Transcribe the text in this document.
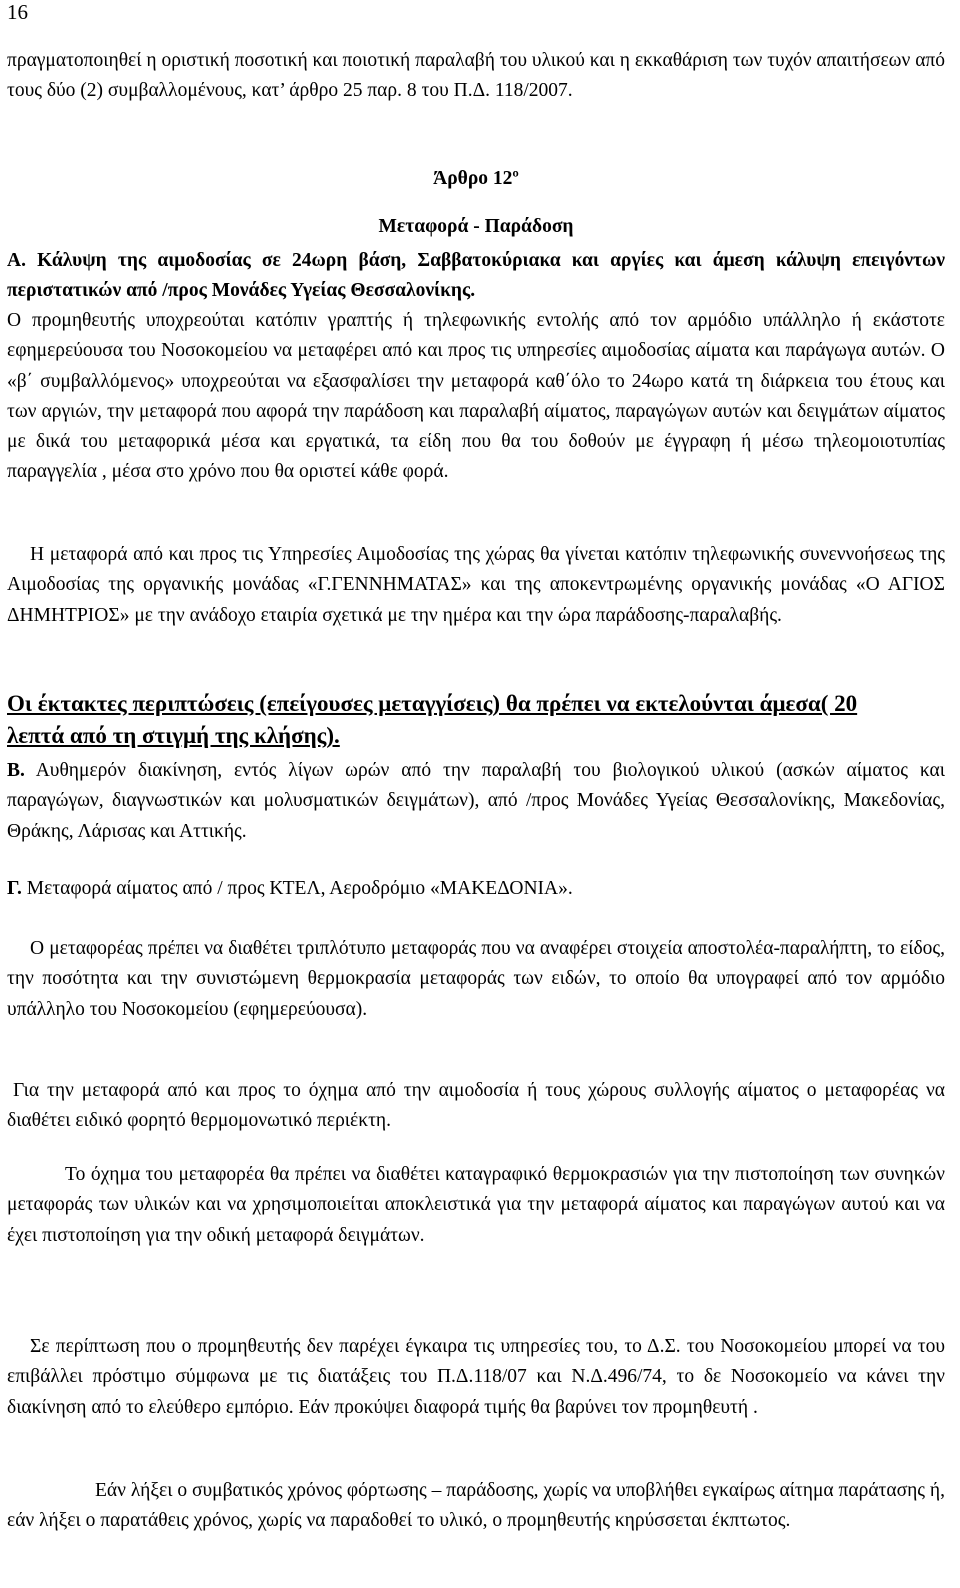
16

πραγματοποιηθεί η οριστική ποσοτική και ποιοτική παραλαβή του υλικού και η εκκαθάριση των τυχόν απαιτήσεων από τους δύο (2) συμβαλλομένους, κατ’ άρθρο 25 παρ. 8 του Π.Δ. 118/2007.

Άρθρο 12º

Μεταφορά - Παράδοση

Α. Κάλυψη της αιμοδοσίας σε 24ωρη βάση, Σαββατοκύριακα και αργίες και άμεση κάλυψη επειγόντων περιστατικών από /προς Μονάδες Υγείας Θεσσαλονίκης.

Ο προμηθευτής υποχρεούται κατόπιν γραπτής ή τηλεφωνικής εντολής από τον αρμόδιο υπάλληλο ή εκάστοτε εφημερεύουσα του Νοσοκομείου να μεταφέρει από και προς τις υπηρεσίες αιμοδοσίας αίματα και παράγωγα αυτών. Ο «β΄ συμβαλλόμενος» υποχρεούται να εξασφαλίσει την μεταφορά καθ΄όλο το 24ωρο κατά τη διάρκεια του έτους και των αργιών, την μεταφορά που αφορά την παράδοση και παραλαβή αίματος, παραγώγων αυτών και δειγμάτων αίματος με δικά του μεταφορικά μέσα και εργατικά, τα είδη που θα του δοθούν με έγγραφη ή μέσω τηλεομοιοτυπίας παραγγελία , μέσα στο χρόνο που θα οριστεί κάθε φορά.

Η μεταφορά από και προς τις Υπηρεσίες Αιμοδοσίας της χώρας θα γίνεται κατόπιν τηλεφωνικής συνεννοήσεως της Αιμοδοσίας της οργανικής μονάδας «Γ.ΓΕΝΝΗΜΑΤΑΣ» και της αποκεντρωμένης οργανικής μονάδας «Ο ΑΓΙΟΣ ΔΗΜΗΤΡΙΟΣ» με την ανάδοχο εταιρία σχετικά με την ημέρα και την ώρα παράδοσης-παραλαβής.

Οι έκτακτες περιπτώσεις (επείγουσες μεταγγίσεις) θα πρέπει να εκτελούνται άμεσα( 20 λεπτά από τη στιγμή της κλήσης).

Β. Αυθημερόν διακίνηση, εντός λίγων ωρών από την παραλαβή του βιολογικού υλικού (ασκών αίματος και παραγώγων, διαγνωστικών και μολυσματικών δειγμάτων), από /προς Μονάδες Υγείας Θεσσαλονίκης, Μακεδονίας, Θράκης, Λάρισας και Αττικής.

Γ. Μεταφορά αίματος από / προς ΚΤΕΛ, Αεροδρόμιο «ΜΑΚΕΔΟΝΙΑ».

Ο μεταφορέας πρέπει να διαθέτει τριπλότυπο μεταφοράς που να αναφέρει στοιχεία αποστολέα-παραλήπτη, το είδος, την ποσότητα και την συνιστώμενη θερμοκρασία μεταφοράς των ειδών, το οποίο θα υπογραφεί από τον αρμόδιο υπάλληλο του Νοσοκομείου (εφημερεύουσα).

Για την μεταφορά από και προς το όχημα από την αιμοδοσία ή τους χώρους συλλογής αίματος ο μεταφορέας να διαθέτει ειδικό φορητό θερμομονωτικό περιέκτη.

Το όχημα του μεταφορέα θα πρέπει να διαθέτει καταγραφικό θερμοκρασιών για την πιστοποίηση των συνηκών μεταφοράς των υλικών και να χρησιμοποιείται αποκλειστικά για την μεταφορά αίματος και παραγώγων αυτού και να έχει πιστοποίηση για την οδική μεταφορά δειγμάτων.

Σε περίπτωση που ο προμηθευτής δεν παρέχει έγκαιρα τις υπηρεσίες του, το Δ.Σ. του Νοσοκομείου μπορεί να του επιβάλλει πρόστιμο σύμφωνα με τις διατάξεις του Π.Δ.118/07 και Ν.Δ.496/74, το δε Νοσοκομείο να κάνει την διακίνηση από το ελεύθερο εμπόριο. Εάν προκύψει διαφορά τιμής θα βαρύνει τον προμηθευτή .

Εάν λήξει ο συμβατικός χρόνος φόρτωσης – παράδοσης, χωρίς να υποβλήθει εγκαίρως αίτημα παράτασης ή, εάν λήξει ο παρατάθεις χρόνος, χωρίς να παραδοθεί το υλικό, ο προμηθευτής κηρύσσεται έκπτωτος.
